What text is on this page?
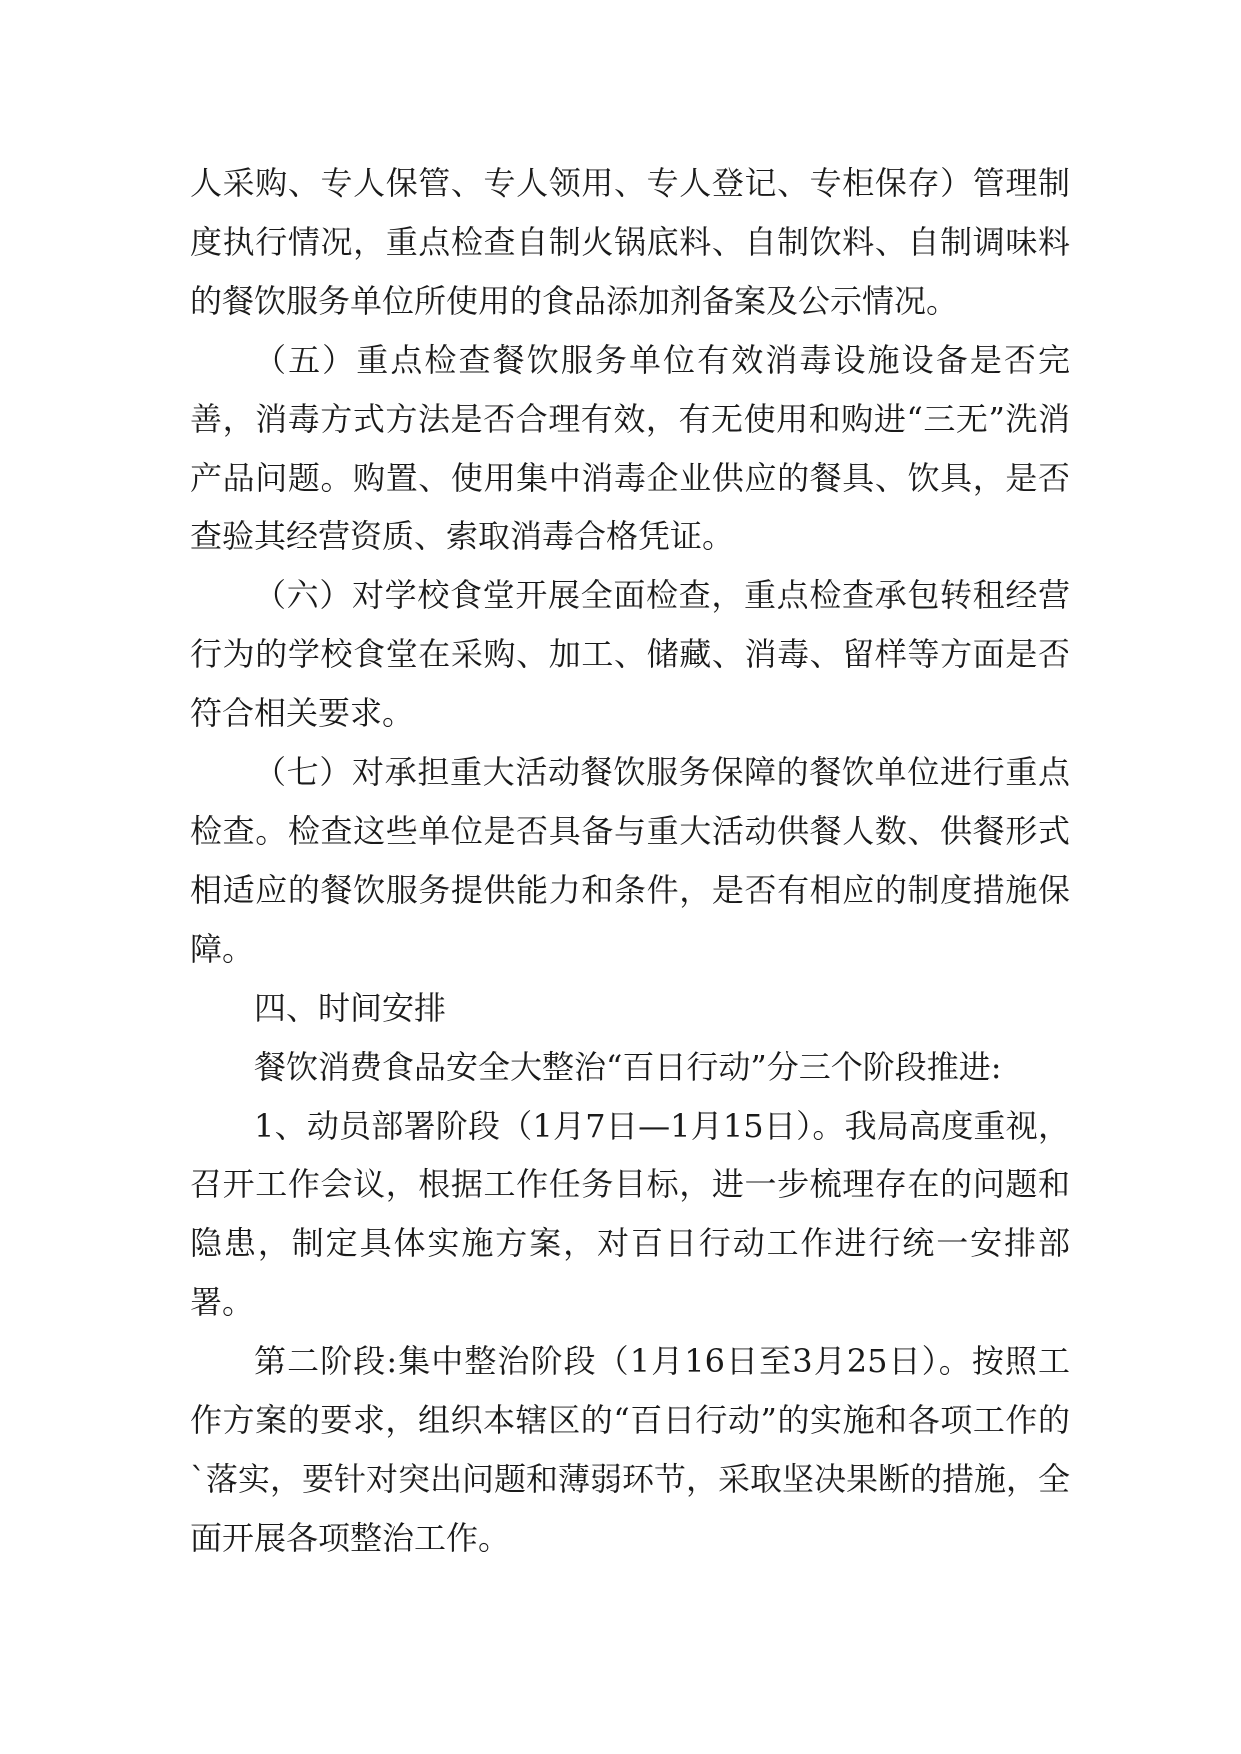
人采购、专人保管、专人领用、专人登记、专柜保存）管理制度执行情况，重点检查自制火锅底料、自制饮料、自制调味料的餐饮服务单位所使用的食品添加剂备案及公示情况。

（五）重点检查餐饮服务单位有效消毒设施设备是否完善，消毒方式方法是否合理有效，有无使用和购进“三无”洗消产品问题。购置、使用集中消毒企业供应的餐具、饮具，是否查验其经营资质、索取消毒合格凭证。

（六）对学校食堂开展全面检查，重点检查承包转租经营行为的学校食堂在采购、加工、储藏、消毒、留样等方面是否符合相关要求。

（七）对承担重大活动餐饮服务保障的餐饮单位进行重点检查。检查这些单位是否具备与重大活动供餐人数、供餐形式相适应的餐饮服务提供能力和条件，是否有相应的制度措施保障。

四、时间安排

餐饮消费食品安全大整治“百日行动”分三个阶段推进:

1、动员部署阶段（1月7日—1月15日）。我局高度重视，召开工作会议，根据工作任务目标，进一步梳理存在的问题和隐患，制定具体实施方案，对百日行动工作进行统一安排部署。

第二阶段:集中整治阶段（1月16日至3月25日）。按照工作方案的要求，组织本辖区的“百日行动”的实施和各项工作的`落实，要针对突出问题和薄弱环节，采取坚决果断的措施，全面开展各项整治工作。
